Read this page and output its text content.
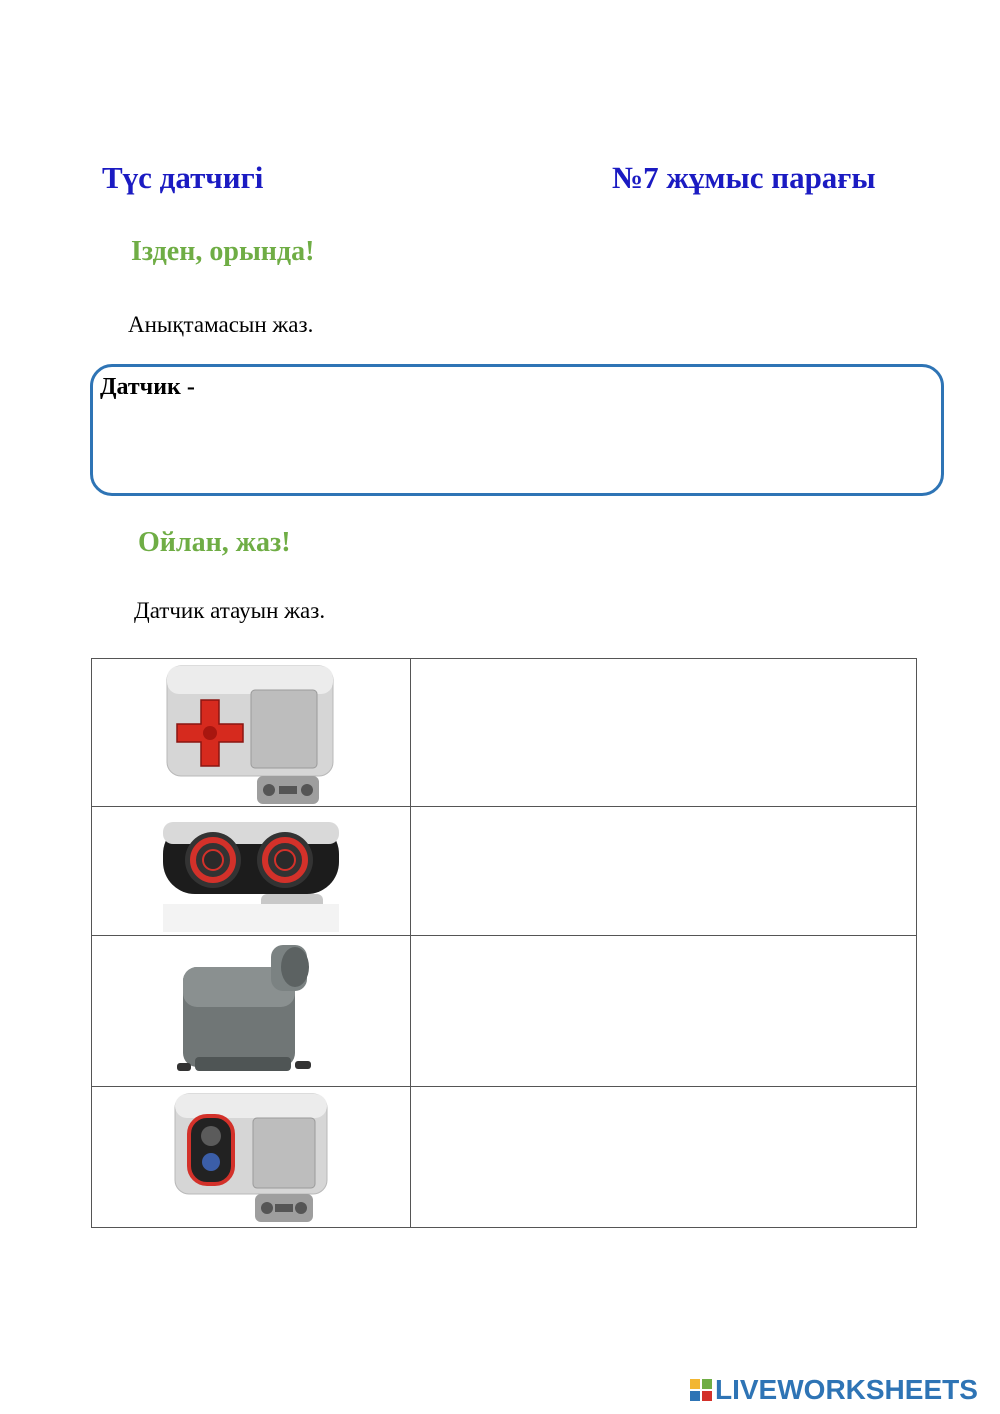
Түс датчигі	№7 жұмыс парағы
Ізден, орында!
Анықтамасын жаз.
Датчик -
Ойлан, жаз!
Датчик атауын жаз.

LIVEWORKSHEETS
